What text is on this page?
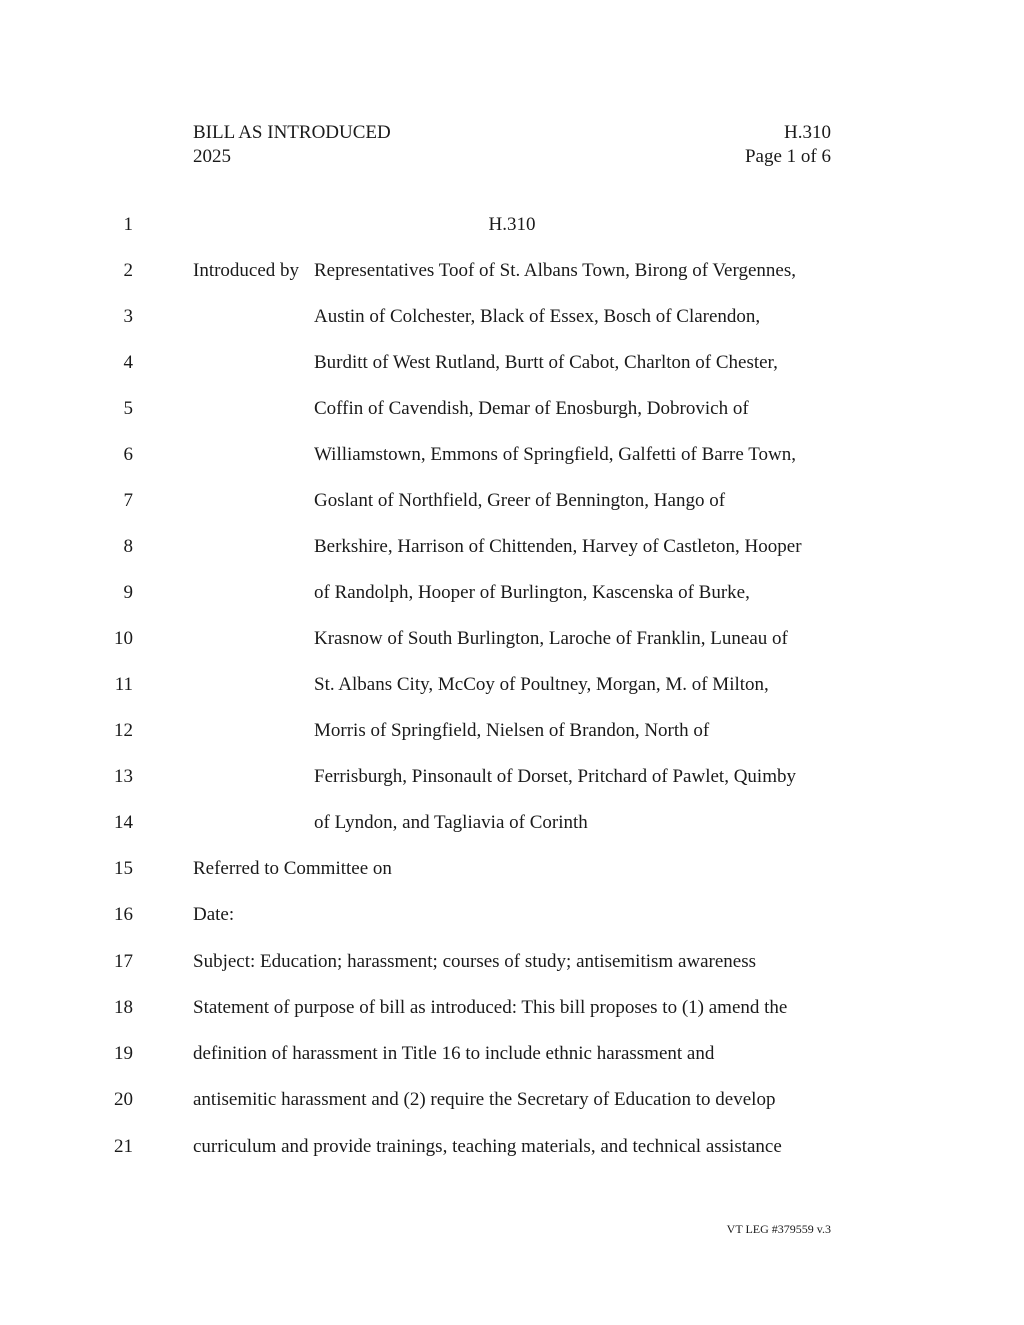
BILL AS INTRODUCED
2025
H.310
Page 1 of 6
1	H.310
2	Introduced by Representatives Toof of St. Albans Town, Birong of Vergennes,
3	Austin of Colchester, Black of Essex, Bosch of Clarendon,
4	Burditt of West Rutland, Burtt of Cabot, Charlton of Chester,
5	Coffin of Cavendish, Demar of Enosburgh, Dobrovich of
6	Williamstown, Emmons of Springfield, Galfetti of Barre Town,
7	Goslant of Northfield, Greer of Bennington, Hango of
8	Berkshire, Harrison of Chittenden, Harvey of Castleton, Hooper
9	of Randolph, Hooper of Burlington, Kascenska of Burke,
10	Krasnow of South Burlington, Laroche of Franklin, Luneau of
11	St. Albans City, McCoy of Poultney, Morgan, M. of Milton,
12	Morris of Springfield, Nielsen of Brandon, North of
13	Ferrisburgh, Pinsonault of Dorset, Pritchard of Pawlet, Quimby
14	of Lyndon, and Tagliavia of Corinth
15	Referred to Committee on
16	Date:
17	Subject: Education; harassment; courses of study; antisemitism awareness
18	Statement of purpose of bill as introduced: This bill proposes to (1) amend the
19	definition of harassment in Title 16 to include ethnic harassment and
20	antisemitic harassment and (2) require the Secretary of Education to develop
21	curriculum and provide trainings, teaching materials, and technical assistance
VT LEG #379559 v.3
